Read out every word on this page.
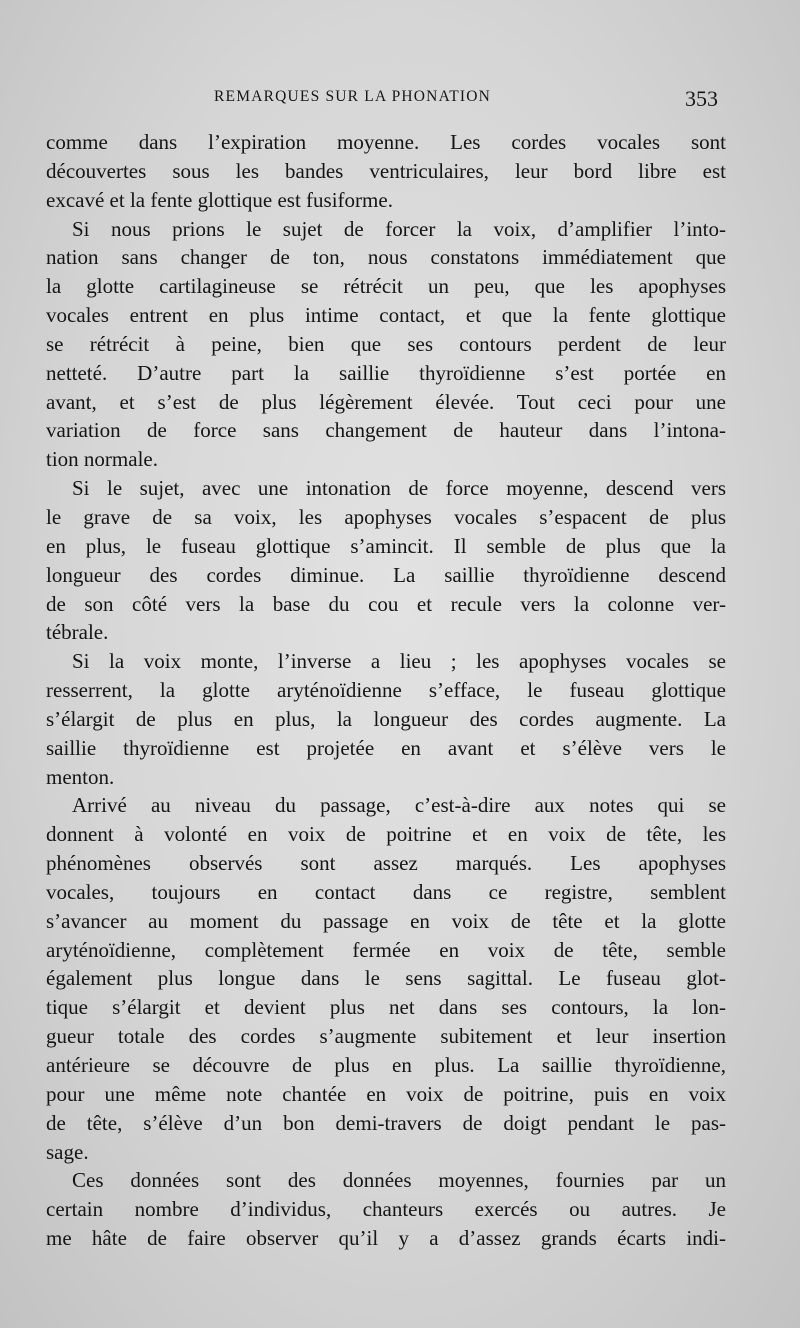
REMARQUES SUR LA PHONATION	353
comme dans l’expiration moyenne. Les cordes vocales sont
découvertes sous les bandes ventriculaires, leur bord libre est
excavé et la fente glottique est fusiforme.
Si nous prions le sujet de forcer la voix, d’amplifier l’into-
nation sans changer de ton, nous constatons immédiatement que
la glotte cartilagineuse se rétrécit un peu, que les apophyses
vocales entrent en plus intime contact, et que la fente glottique
se rétrécit à peine, bien que ses contours perdent de leur
netteté. D’autre part la saillie thyroïdienne s’est portée en
avant, et s’est de plus légèrement élevée. Tout ceci pour une
variation de force sans changement de hauteur dans l’intona-
tion normale.
Si le sujet, avec une intonation de force moyenne, descend vers
le grave de sa voix, les apophyses vocales s’espacent de plus
en plus, le fuseau glottique s’amincit. Il semble de plus que la
longueur des cordes diminue. La saillie thyroïdienne descend
de son côté vers la base du cou et recule vers la colonne ver-
tébrale.
Si la voix monte, l’inverse a lieu ; les apophyses vocales se
resserrent, la glotte aryténoïdienne s’efface, le fuseau glottique
s’élargit de plus en plus, la longueur des cordes augmente. La
saillie thyroïdienne est projetée en avant et s’élève vers le
menton.
Arrivé au niveau du passage, c’est-à-dire aux notes qui se
donnent à volonté en voix de poitrine et en voix de tête, les
phénomènes observés sont assez marqués. Les apophyses
vocales, toujours en contact dans ce registre, semblent
s’avancer au moment du passage en voix de tête et la glotte
aryténoïdienne, complètement fermée en voix de tête, semble
également plus longue dans le sens sagittal. Le fuseau glot-
tique s’élargit et devient plus net dans ses contours, la lon-
gueur totale des cordes s’augmente subitement et leur insertion
antérieure se découvre de plus en plus. La saillie thyroïdienne,
pour une même note chantée en voix de poitrine, puis en voix
de tête, s’élève d’un bon demi-travers de doigt pendant le pas-
sage.
Ces données sont des données moyennes, fournies par un
certain nombre d’individus, chanteurs exercés ou autres. Je
me hâte de faire observer qu’il y a d’assez grands écarts indi-
